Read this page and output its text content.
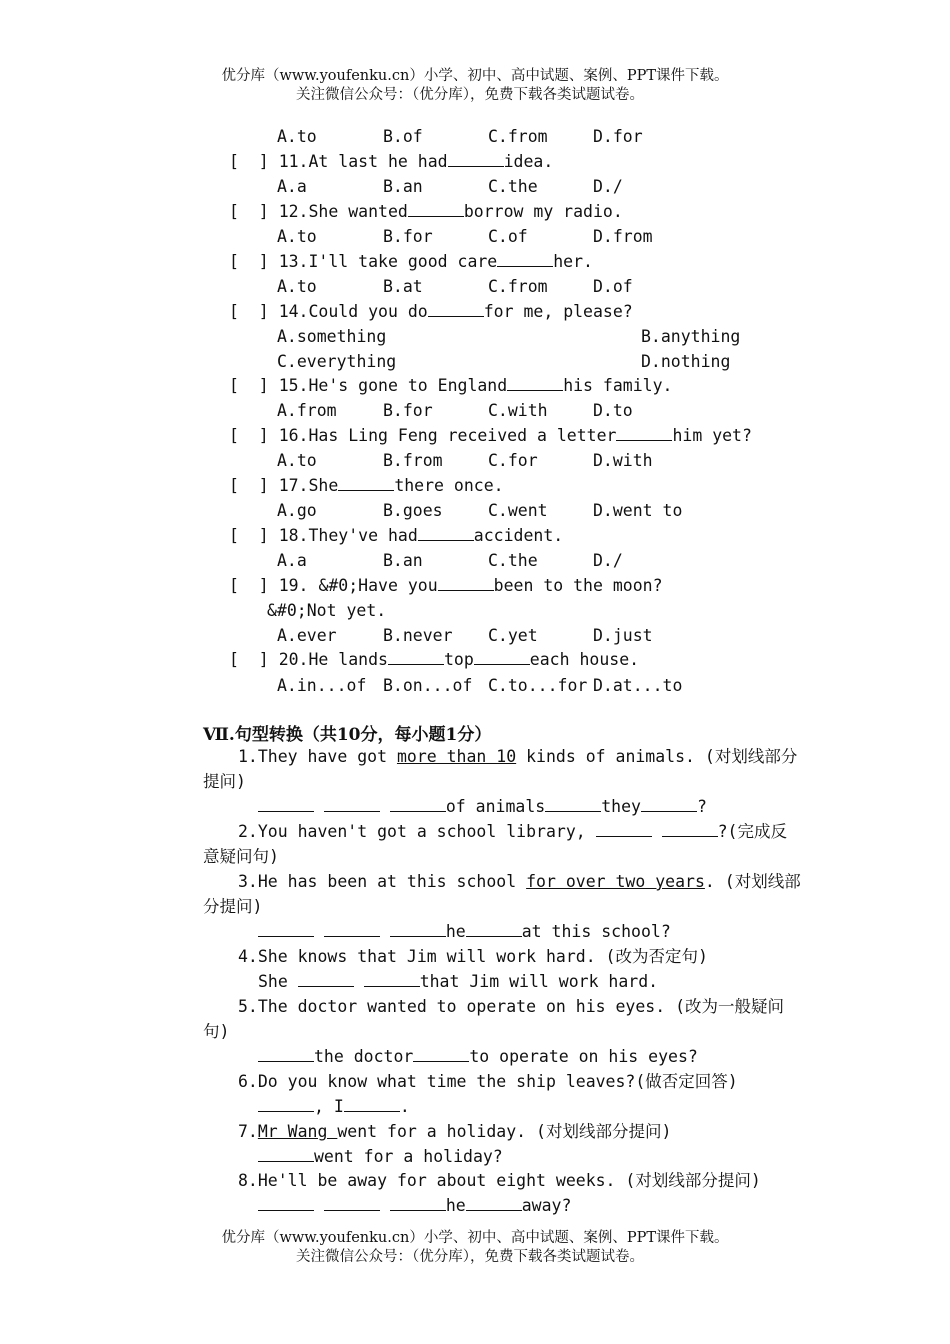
优分库（www.youfenku.cn）小学、初中、高中试题、案例、PPT课件下载。

关注微信公众号：（优分库），免费下载各类试题试卷。
A.to	B.of	C.from	D.for
[  ] 11.At last he had	idea.
A.a	B.an	C.the	D./
[  ] 12.She wanted	borrow my radio.
A.to	B.for	C.of	D.from
[  ] 13.I'll take good care	her.
A.to	B.at	C.from	D.of
[  ] 14.Could you do	for me, please?
A.something	B.anything
C.everything	D.nothing
[  ] 15.He's gone to England	his family.
A.from	B.for	C.with	D.to
[  ] 16.Has Ling Feng received a letter	him yet?
A.to	B.from	C.for	D.with
[  ] 17.She	there once.
A.go	B.goes	C.went	D.went to
[  ] 18.They've had	accident.
A.a	B.an	C.the	D./
[  ] 19. &#0;Have you	been to the moon?
&#0;Not yet.
A.ever	B.never C.yet	D.just
[  ] 20.He lands	top	each house.
A.in...of B.on...of C.to...for D.at...to
Ⅶ.句型转换（共10分，每小题1分）
1.They have got more than 10 kinds of animals. (对划线部分
提问)
of animals	they	?
2.You haven't got a school library,	?(完成反
意疑问句)
3.He has been at this school for over two years. (对划线部
分提问)
he	at this school?
4.She knows that Jim will work hard. (改为否定句)
She	that Jim will work hard.
5.The doctor wanted to operate on his eyes. (改为一般疑问
句)
the doctor	to operate on his eyes?
6.Do you know what time the ship leaves?(做否定回答)
, I	.
7.Mr Wang went for a holiday. (对划线部分提问)
went for a holiday?
8.He'll be away for about eight weeks. (对划线部分提问)
he	away?
优分库（www.youfenku.cn）小学、初中、高中试题、案例、PPT课件下载。

关注微信公众号：（优分库），免费下载各类试题试卷。
